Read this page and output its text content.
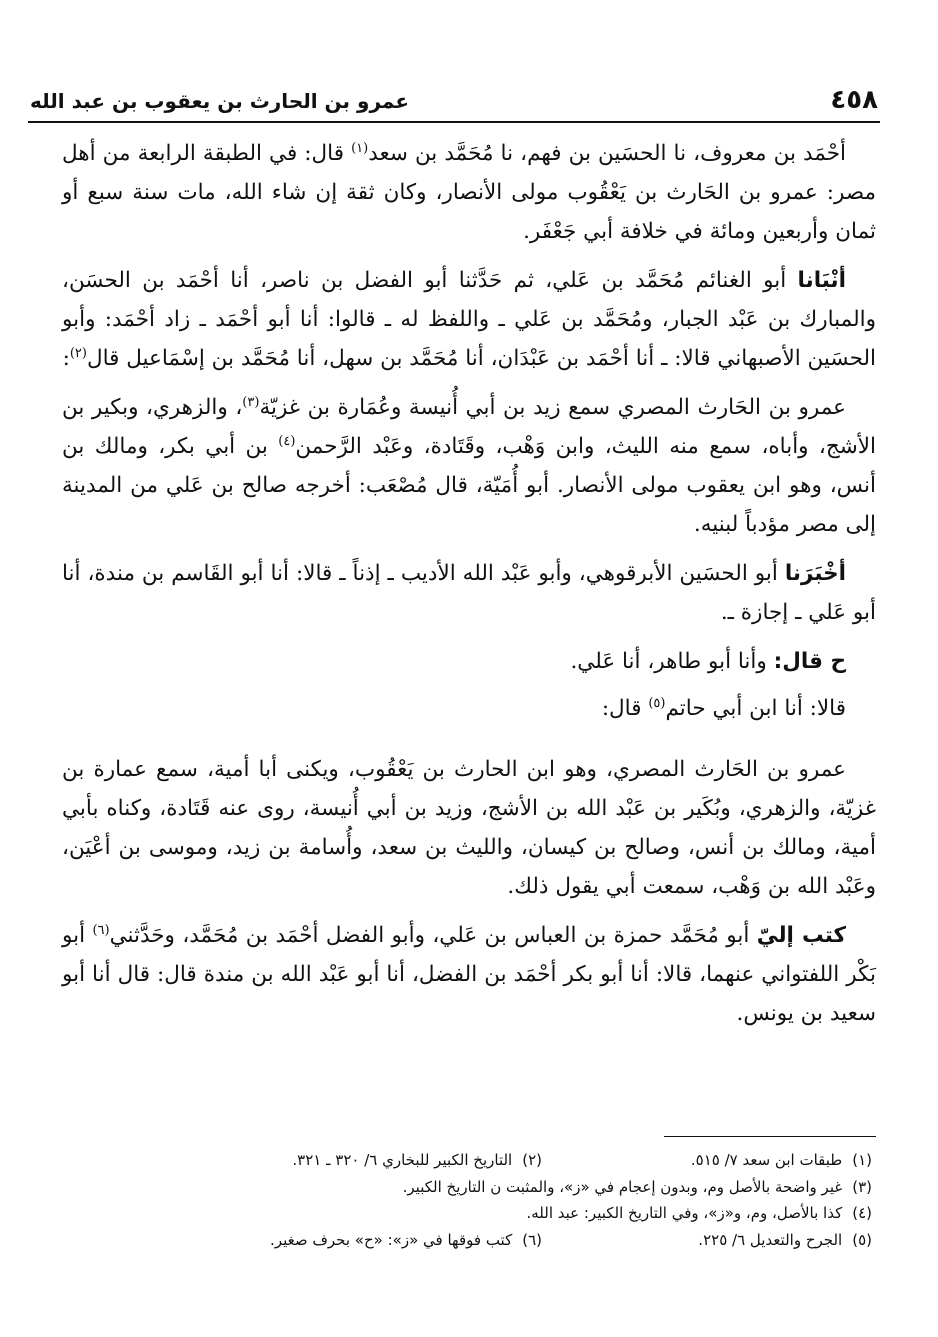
٤٥٨
عمرو بن الحارث بن يعقوب بن عبد الله

أحْمَد بن معروف، نا الحسَين بن فهم، نا مُحَمَّد بن سعد$^{(١)}$ قال: في الطبقة الرابعة من أهل مصر: عمرو بن الحَارث بن يَعْقُوب مولى الأنصار، وكان ثقة إن شاء الله، مات سنة سبع أو ثمان وأربعين ومائة في خلافة أبي جَعْفَر.

أنْبَانا أبو الغنائم مُحَمَّد بن عَلي، ثم حَدَّثنا أبو الفضل بن ناصر، أنا أحْمَد بن الحسَن، والمبارك بن عَبْد الجبار، ومُحَمَّد بن عَلي ـ واللفظ له ـ قالوا: أنا أبو أحْمَد ـ زاد أحْمَد: وأبو الحسَين الأصبهاني قالا: ـ أنا أحْمَد بن عَبْدَان، أنا مُحَمَّد بن سهل، أنا مُحَمَّد بن إسْمَاعيل قال$^{(٢)}$:

عمرو بن الحَارث المصري سمع زيد بن أبي أُنيسة وعُمَارة بن غزيّة$^{(٣)}$، والزهري، وبكير بن الأشج، وأباه، سمع منه الليث، وابن وَهْب، وقَتَادة، وعَبْد الرَّحمن$^{(٤)}$ بن أبي بكر، ومالك بن أنس، وهو ابن يعقوب مولى الأنصار. أبو أُمَيّة، قال مُصْعَب: أخرجه صالح بن عَلي من المدينة إلى مصر مؤدباً لبنيه.

أخْبَرَنا أبو الحسَين الأبرقوهي، وأبو عَبْد الله الأديب ـ إذناً ـ قالا: أنا أبو القَاسم بن مندة، أنا أبو عَلي ـ إجازة ـ.

ح قال: وأنا أبو طاهر، أنا عَلي.

قالا: أنا ابن أبي حاتم$^{(٥)}$ قال:

عمرو بن الحَارث المصري، وهو ابن الحارث بن يَعْقُوب، ويكنى أبا أمية، سمع عمارة بن غزيّة، والزهري، وبُكَير بن عَبْد الله بن الأشج، وزيد بن أبي أُنيسة، روى عنه قَتَادة، وكناه بأبي أمية، ومالك بن أنس، وصالح بن كيسان، والليث بن سعد، وأُسامة بن زيد، وموسى بن أعْيَن، وعَبْد الله بن وَهْب، سمعت أبي يقول ذلك.

كتب إليّ أبو مُحَمَّد حمزة بن العباس بن عَلي، وأبو الفضل أحْمَد بن مُحَمَّد، وحَدَّثني$^{(٦)}$ أبو بَكْر اللفتواني عنهما، قالا: أنا أبو بكر أحْمَد بن الفضل، أنا أبو عَبْد الله بن مندة قال: قال أنا أبو سعيد بن يونس.

(١)طبقات ابن سعد ٧/ ٥١٥.
(٢)التاريخ الكبير للبخاري ٦/ ٣٢٠ ـ ٣٢١.
(٣)غير واضحة بالأصل وم، وبدون إعجام في «ز»، والمثبت ن التاريخ الكبير.
(٤)كذا بالأصل، وم، و«ز»، وفي التاريخ الكبير: عبد الله.
(٥)الجرح والتعديل ٦/ ٢٢٥.
(٦)كتب فوقها في «ز»: «ح» بحرف صغير.
